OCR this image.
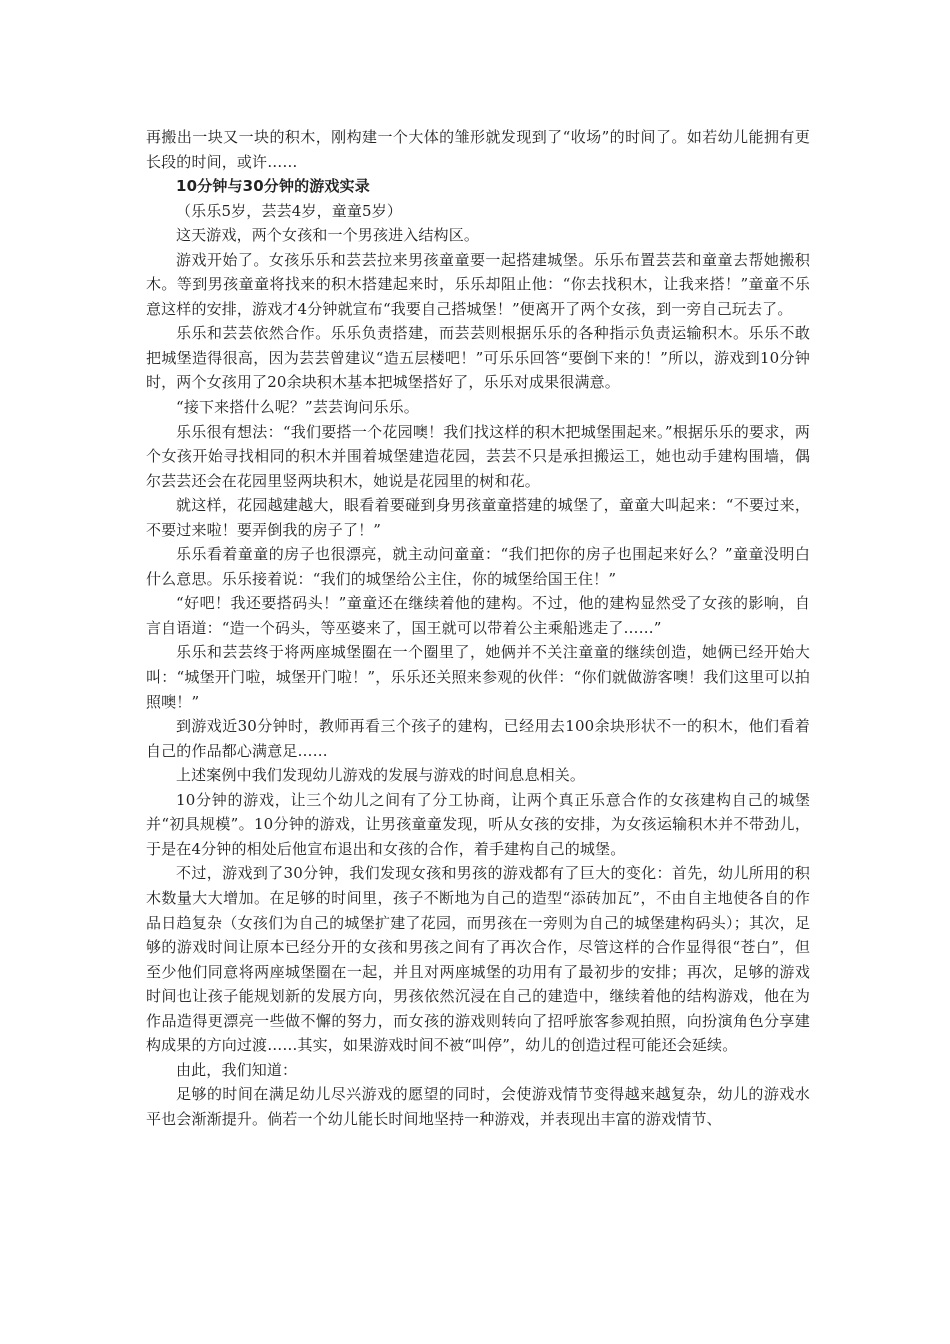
再搬出一块又一块的积木，刚构建一个大体的雏形就发现到了“收场”的时间了。如若幼儿能拥有更长段的时间，或许……

10分钟与30分钟的游戏实录

（乐乐5岁，芸芸4岁，童童5岁）

这天游戏，两个女孩和一个男孩进入结构区。

游戏开始了。女孩乐乐和芸芸拉来男孩童童要一起搭建城堡。乐乐布置芸芸和童童去帮她搬积木。等到男孩童童将找来的积木搭建起来时，乐乐却阻止他：“你去找积木，让我来搭！”童童不乐意这样的安排，游戏才4分钟就宣布“我要自己搭城堡！”便离开了两个女孩，到一旁自己玩去了。

乐乐和芸芸依然合作。乐乐负责搭建，而芸芸则根据乐乐的各种指示负责运输积木。乐乐不敢把城堡造得很高，因为芸芸曾建议“造五层楼吧！”可乐乐回答“要倒下来的！”所以，游戏到10分钟时，两个女孩用了20余块积木基本把城堡搭好了，乐乐对成果很满意。

“接下来搭什么呢？”芸芸询问乐乐。

乐乐很有想法：“我们要搭一个花园噢！我们找这样的积木把城堡围起来。”根据乐乐的要求，两个女孩开始寻找相同的积木并围着城堡建造花园，芸芸不只是承担搬运工，她也动手建构围墙，偶尔芸芸还会在花园里竖两块积木，她说是花园里的树和花。

就这样，花园越建越大，眼看着要碰到身男孩童童搭建的城堡了，童童大叫起来：“不要过来，不要过来啦！要弄倒我的房子了！”

乐乐看着童童的房子也很漂亮，就主动问童童：“我们把你的房子也围起来好么？”童童没明白什么意思。乐乐接着说：“我们的城堡给公主住，你的城堡给国王住！”

“好吧！我还要搭码头！”童童还在继续着他的建构。不过，他的建构显然受了女孩的影响，自言自语道：“造一个码头，等巫婆来了，国王就可以带着公主乘船逃走了……”

乐乐和芸芸终于将两座城堡圈在一个圈里了，她俩并不关注童童的继续创造，她俩已经开始大叫：“城堡开门啦，城堡开门啦！”，乐乐还关照来参观的伙伴：“你们就做游客噢！我们这里可以拍照噢！”

到游戏近30分钟时，教师再看三个孩子的建构，已经用去100余块形状不一的积木，他们看着自己的作品都心满意足……

上述案例中我们发现幼儿游戏的发展与游戏的时间息息相关。

10分钟的游戏，让三个幼儿之间有了分工协商，让两个真正乐意合作的女孩建构自己的城堡并“初具规模”。10分钟的游戏，让男孩童童发现，听从女孩的安排，为女孩运输积木并不带劲儿，于是在4分钟的相处后他宣布退出和女孩的合作，着手建构自己的城堡。

不过，游戏到了30分钟，我们发现女孩和男孩的游戏都有了巨大的变化：首先，幼儿所用的积木数量大大增加。在足够的时间里，孩子不断地为自己的造型“添砖加瓦”，不由自主地使各自的作品日趋复杂（女孩们为自己的城堡扩建了花园，而男孩在一旁则为自己的城堡建构码头）；其次，足够的游戏时间让原本已经分开的女孩和男孩之间有了再次合作，尽管这样的合作显得很“苍白”，但至少他们同意将两座城堡圈在一起，并且对两座城堡的功用有了最初步的安排；再次，足够的游戏时间也让孩子能规划新的发展方向，男孩依然沉浸在自己的建造中，继续着他的结构游戏，他在为作品造得更漂亮一些做不懈的努力，而女孩的游戏则转向了招呼旅客参观拍照，向扮演角色分享建构成果的方向过渡……其实，如果游戏时间不被“叫停”，幼儿的创造过程可能还会延续。

由此，我们知道：

足够的时间在满足幼儿尽兴游戏的愿望的同时，会使游戏情节变得越来越复杂，幼儿的游戏水平也会渐渐提升。倘若一个幼儿能长时间地坚持一种游戏，并表现出丰富的游戏情节、
